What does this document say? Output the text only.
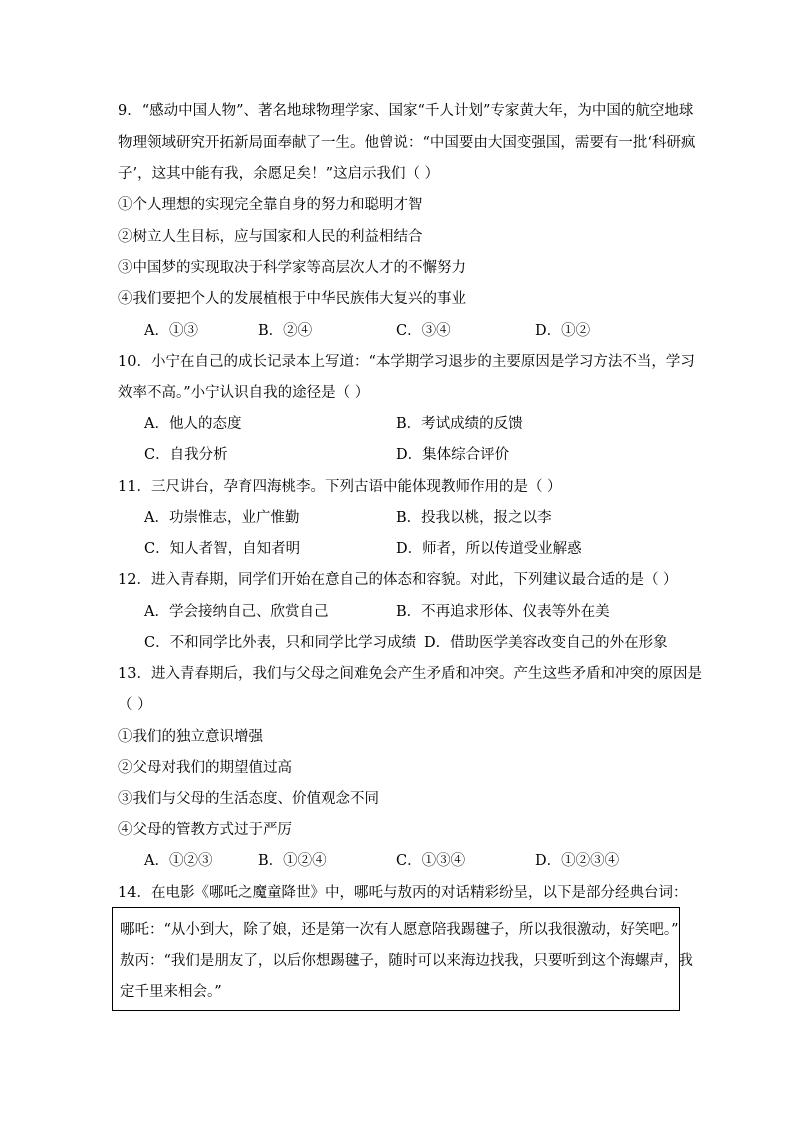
9．“感动中国人物”、著名地球物理学家、国家“千人计划”专家黄大年，为中国的航空地球
物理领域研究开拓新局面奉献了一生。他曾说：“中国要由大国变强国，需要有一批‘科研疯
子’，这其中能有我，余愿足矣！”这启示我们（ ）
①个人理想的实现完全靠自身的努力和聪明才智
②树立人生目标，应与国家和人民的利益相结合
③中国梦的实现取决于科学家等高层次人才的不懈努力
④我们要把个人的发展植根于中华民族伟大复兴的事业
A．①③	B．②④	C．③④	D．①②
10．小宁在自己的成长记录本上写道：“本学期学习退步的主要原因是学习方法不当，学习
效率不高。”小宁认识自我的途径是（ ）
A．他人的态度	B．考试成绩的反馈
C．自我分析	D．集体综合评价
11．三尺讲台，孕育四海桃李。下列古语中能体现教师作用的是（ ）
A．功崇惟志，业广惟勤	B．投我以桃，报之以李
C．知人者智，自知者明	D．师者，所以传道受业解惑
12．进入青春期，同学们开始在意自己的体态和容貌。对此，下列建议最合适的是（ ）
A．学会接纳自己、欣赏自己	B．不再追求形体、仪表等外在美
C．不和同学比外表，只和同学比学习成绩 D．借助医学美容改变自己的外在形象
13．进入青春期后，我们与父母之间难免会产生矛盾和冲突。产生这些矛盾和冲突的原因是
（ ）
①我们的独立意识增强
②父母对我们的期望值过高
③我们与父母的生活态度、价值观念不同
④父母的管教方式过于严厉
A．①②③	B．①②④	C．①③④	D．①②③④
14．在电影《哪吒之魔童降世》中，哪吒与敖丙的对话精彩纷呈，以下是部分经典台词：
哪吒：“从小到大，除了娘，还是第一次有人愿意陪我踢毽子，所以我很激动，好笑吧。”
敖丙：“我们是朋友了，以后你想踢毽子，随时可以来海边找我，只要听到这个海螺声，我
定千里来相会。”
